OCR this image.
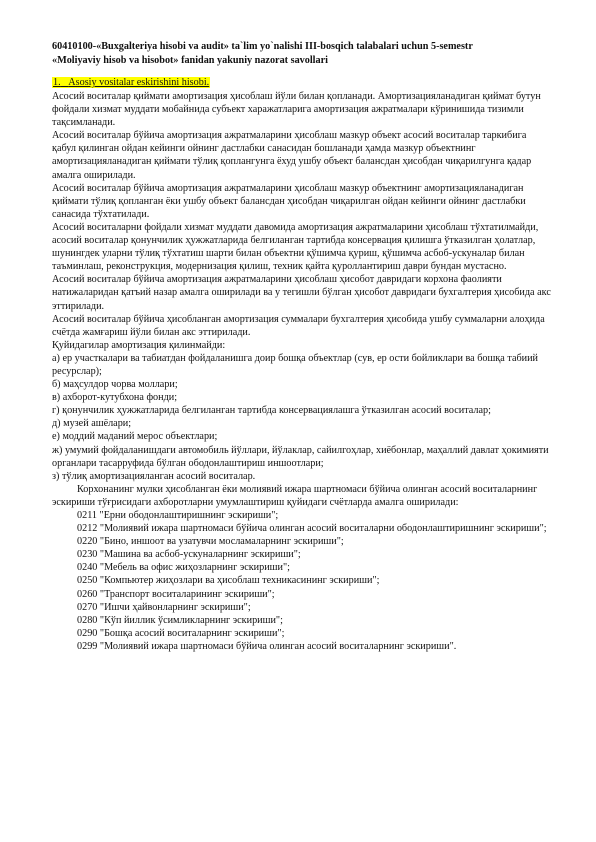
60410100-«Buxgalteriya hisobi va audit» ta`lim yo`nalishi III-bosqich talabalari uchun 5-semestr
«Moliyaviy hisob va hisobot» fanidan yakuniy nazorat savollari

1. Asosiy vositalar eskirishini hisobi.

Асосий воситалар қиймати амортизация ҳисоблаш йўли билан қопланади. Амортизацияланадиган қиймат бутун фойдали хизмат муддати мобайнида субъект харажатларига амортизация ажратмалари кўринишида тизимли тақсимланади.

Асосий воситалар бўйича амортизация ажратмаларини ҳисоблаш мазкур объект асосий воситалар таркибига қабул қилинган ойдан кейинги ойнинг дастлабки санасидан бошланади ҳамда мазкур объектнинг амортизацияланадиган қиймати тўлиқ қоплангунга ёхуд ушбу объект балансдан ҳисобдан чиқарилгунга қадар амалга оширилади.

Асосий воситалар бўйича амортизация ажратмаларини ҳисоблаш мазкур объектнинг амортизацияланадиган қиймати тўлиқ қопланган ёки ушбу объект балансдан ҳисобдан чиқарилган ойдан кейинги ойнинг дастлабки санасида тўхтатилади.

Асосий воситаларни фойдали хизмат муддати давомида амортизация ажратмаларини ҳисоблаш тўхтатилмайди, асосий воситалар қонунчилик ҳужжатларида белгиланган тартибда консервация қилишга ўтказилган ҳолатлар, шунингдек уларни тўлиқ тўхтатиш шарти билан объектни қўшимча қуриш, қўшимча асбоб-ускуналар билан таъминлаш, реконструкция, модернизация қилиш, техник қайта қуроллантириш даври бундан мустасно.

Асосий воситалар бўйича амортизация ажратмаларини ҳисоблаш ҳисобот давридаги корхона фаолияти натижаларидан қатъий назар амалга оширилади ва у тегишли бўлган ҳисобот давридаги бухгалтерия ҳисобида акс эттирилади.

Асосий воситалар бўйича ҳисобланган амортизация суммалари бухгалтерия ҳисобида ушбу суммаларни алоҳида счётда жамғариш йўли билан акс эттирилади.

Қуйидагилар амортизация қилинмайди:

а) ер участкалари ва табиатдан фойдаланишга доир бошқа объектлар (сув, ер ости бойликлари ва бошқа табиий ресурслар);

б) маҳсулдор чорва моллари;

в) ахборот-кутубхона фонди;

г) қонунчилик ҳужжатларида белгиланган тартибда консервациялашга ўтказилган асосий воситалар;

д) музей ашёлари;

е) моддий маданий мерос объектлари;

ж) умумий фойдаланишдаги автомобиль йўллари, йўлаклар, сайилгоҳлар, хиёбонлар, маҳаллий давлат ҳокимияти органлари тасарруфида бўлган ободонлаштириш иншоотлари;

з) тўлиқ амортизацияланган асосий воситалар.

Корхонанинг мулки ҳисобланган ёки молиявий ижара шартномаси бўйича олинган асосий воситаларнинг эскириши тўғрисидаги ахборотларни умумлаштириш қуйидаги счётларда амалга оширилади:

0211 "Ерни ободонлаштиришнинг эскириши";

0212 "Молиявий ижара шартномаси бўйича олинган асосий воситаларни ободонлаштиришнинг эскириши";

0220 "Бино, иншоот ва узатувчи мосламаларнинг эскириши";

0230 "Машина ва асбоб-ускуналарнинг эскириши";

0240 "Мебель ва офис жиҳозларнинг эскириши";

0250 "Компьютер жиҳозлари ва ҳисоблаш техникасининг эскириши";

0260 "Транспорт воситаларининг эскириши";

0270 "Ишчи ҳайвонларнинг эскириши";

0280 "Кўп йиллик ўсимликларнинг эскириши";

0290 "Бошқа асосий воситаларнинг эскириши";

0299 "Молиявий ижара шартномаси бўйича олинган асосий воситаларнинг эскириши".
